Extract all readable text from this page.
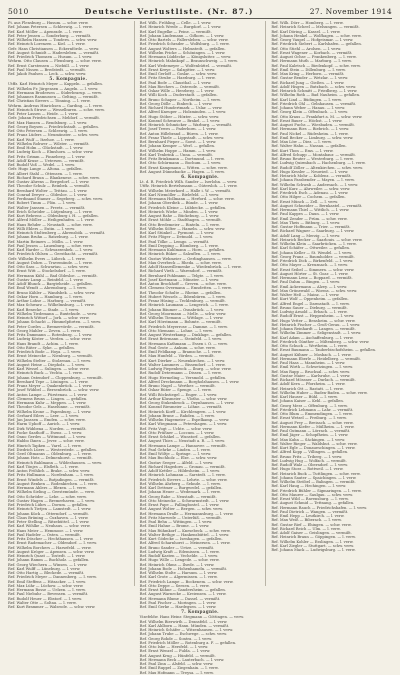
5010	Deutsche Verlustliste. (Nr. 87.)	27. November 1914
Pi. aus Flensburg — Husum. — schw. verw.
Ref. Johann Petersen — Schleswig. — l. verw.
Ref. Karl Möller — Apenrade. — l. verw.
Ref. Peter Jensen — Sonderburg. — vermißt.
Ref. Wilhelm Hansen — Tondern. — schw. verw.
Ref. Heinrich Lorenzen — Kiel. — l. verw.
Gefr. Hans Christiansen — Eckernförde. — verw.
Ref. August Schmidt — Hadersleben. — vermißt.
Ref. Friedrich Thomsen — Husum. — l. verw.
Wehrm. Otto Clausen — Flensburg. — schw. verw.
Ref. Ernst Carstensen — Niebüll. — l. verw.
Ref. Paul Nissen — Bredstedt. — vermißt.
Ref. Jakob Paulsen — Leck. — schw. verw.
5. Kompagnie.
Utffz. Karl Heinrich Meyer — Kappeln. — gefallen.
Ref. Wilhelm Fr. Jürgensen — Angeln. — l. verw.
Ref. Hermann Brodersen — Süderbrarup. — verw.
Ref. Johannes Rasmussen — Gelting. — vermißt.
Ref. Christian Sievers — Tönning. — l. verw.
Wehrm. Andreas Hinrichsen — Garding. — l. verw.
Ref. Heinrich Struve — Wesselburen. — schw. verw.
Ref. Peter Lassen — Heide. — l. verw.
Gefr. Johann Friedrichsen — Meldorf. — vermißt.
Ref. Max Hansen — Rendsburg. — l. verw.
Ref. Georg Boysen — Friedrichstadt. — gefallen.
Ref. Otto Petersen — Schleswig. — l. verw.
Ref. Franz Lüders — Neumünster. — schw. verw.
Ref. Karl Wulf — Itzehoe. — l. verw.
Ref. Wilhelm Rohwer — Wilster. — vermißt.
Ref. Emil Holm — Glückstadt. — l. verw.
Ref. Ludwig Koch — Elmshorn. — schw. verw.
Ref. Fritz Grimm — Pinneberg. — l. verw.
Ref. Adolf Kruse — Uetersen. — vermißt.
Ref. Rudolf Voß — Wedel. — l. verw.
Gefr. Hugo Lange — Altona. — gefallen.
Ref. Albert Stahl — Ottensen. — l. verw.
Ref. Richard Braun — Blankenese. — schw. verw.
Ref. Gustav Ahrens — Bergedorf. — l. verw.
Ref. Theodor Schulz — Reinbek. — vermißt.
Ref. Bernhard Wolter — Trittau. — l. verw.
Ref. Conrad Dreyer — Oldesloe. — l. verw.
Ref. Ferdinand Stamer — Segeberg. — schw. verw.
Ref. Robert Timm — Plön. — l. verw.
Ref. Walter Janssen — Preetz. — vermißt.
Ref. Erich Schröder — Lütjenburg. — l. verw.
Ref. Kurt Behrens — Oldenburg i. H. — gefallen.
Ref. Alfred Möller — Heiligenhafen. — l. verw.
Ref. Hans Rehder — Neustadt. — schw. verw.
Ref. Willi Ehlers — Eutin. — l. verw.
Ref. Heinrich Stoltenberg — Ahrensbök. — vermißt.
Ref. Johann Bruhn — Ratzeburg. — l. verw.
Ref. Martin Reimers — Mölln. — l. verw.
Ref. Paul Jessen — Lauenburg. — schw. verw.
Ref. Karl Harder — Schwarzenbek. — l. verw.
Ref. Friedrich Ohlsen — Geesthacht. — vermißt.
Gefr. Wilhelm Evers — Lübeck. — l. verw.
Ref. August Dohrn — Travemünde. — l. verw.
Ref. Otto Sass — Schwartau. — schw. verw.
Ref. Ernst Witt — Stockelsdorf. — l. verw.
Ref. Hermann Kühl — Bad Oldesloe. — vermißt.
Ref. Gustav Lamp — Reinfeld. — l. verw.
Ref. Adolf Blunck — Bargteheide. — gefallen.
Ref. Emil Wendt — Ahrensburg. — l. verw.
Ref. Bruno Kähler — Wandsbek. — schw. verw.
Ref. Oskar Horn — Hamburg. — l. verw.
Ref. Arthur Lohse — Harburg. — vermißt.
Ref. Max Schwarz — Wilhelmsburg. — l. verw.
Ref. Karl Benecke — Stade. — l. verw.
Ref. Wilhelm Tiedemann — Buxtehude. — verw.
Ref. Heinrich Wittorf — Jork. — schw. verw.
Ref. Johann Schacht — Himmelpforten. — l. verw.
Ref. Peter Cordes — Bremervörde. — vermißt.
Ref. Georg Mahler — Zeven. — l. verw.
Ref. Fritz Dammann — Rotenburg. — l. verw.
Ref. Ludwig Köster — Verden. — schw. verw.
Ref. Hans Brandt — Achim. — l. verw.
Ref. Otto Rüter — Syke. — gefallen.
Ref. Friedrich Bode — Hoya. — l. verw.
Ref. Ernst Meinecke — Nienburg. — vermißt.
Ref. Wilhelm Stelter — Stolzenau. — l. verw.
Ref. August Heine — Diepholz. — l. verw.
Ref. Karl Wessel — Sulingen. — schw. verw.
Ref. Heinrich Buck — Vechta. — l. verw.
Ref. Johann Ostendorf — Cloppenburg. — vermißt.
Ref. Bernhard Tepe — Löningen. — l. verw.
Ref. Franz Meyer — Quakenbrück. — l. verw.
Ref. Josef Wübbel — Bersenbrück. — schw. verw.
Ref. Anton Lampe — Fürstenau. — l. verw.
Ref. Clemens Bruns — Lingen. — gefallen.
Ref. Hermann Kuhr — Meppen. — l. verw.
Ref. Theodor Gels — Haselünne. — vermißt.
Ref. Wilhelm Krone — Papenburg. — l. verw.
Ref. Gerhard Eilers — Leer. — l. verw.
Ref. Jan Janssen — Emden. — schw. verw.
Ref. Harm Uphoff — Aurich. — l. verw.
Ref. Dirk Wübbena — Norden. — vermißt.
Ref. Focke Saathoff — Esens. — l. verw.
Ref. Onno Gerdes — Wittmund. — l. verw.
Ref. Habbo Ihnen — Jever. — schw. verw.
Ref. Hinrich Tapken — Varel. — l. verw.
Ref. Diedrich Lüers — Westerstede. — gefallen.
Ref. Gerd Oltmanns — Oldenburg. — l. verw.
Ref. Johann Hots — Delmenhorst. — vermißt.
Ref. Heinrich Bahlmann — Wildeshausen. — verw.
Ref. Karl Tönjes — Elsfleth. — l. verw.
Ref. Anton Fröhlich — Brake. — schw. verw.
Ref. Fritz Hullmann — Nordenham. — l. verw.
Ref. Ernst Windels — Butjadingen. — vermißt.
Ref. August Renken — Rodenkirchen. — l. verw.
Ref. Hermann Ahlers — Blexen. — l. verw.
Ref. Wilhelm Sieling — Geestemünde. — verw.
Ref. Otto Schröder — Lehe. — schw. verw.
Ref. Gustav Hagen — Bremerhaven. — l. verw.
Ref. Friedrich Lührs — Dorum. — gefallen.
Ref. Heinrich Tietjen — Lamstedt. — l. verw.
Ref. Johann Kück — Otterndorf. — vermißt.
Ref. Claus Brüning — Cuxhaven. — l. verw.
Ref. Peter Stelling — Ritzebüttel. — l. verw.
Ref. Karl Wöhlke — Neuhaus. — schw. verw.
Ref. Hans Meier — Hemmoor. — l. verw.
Ref. Paul Hadeler — Osten. — vermißt.
Ref. Fritz Döscher — Hechthausen. — l. verw.
Ref. Ernst Rademacher — Oldendorf. — l. verw.
Ref. Wilhelm Borchers — Harsefeld. — verw.
Ref. August Kröger — Apensen. — schw. verw.
Ref. Heinrich Quast — Tostedt. — l. verw.
Ref. Johann Ramm — Buchholz. — gefallen.
Ref. Georg Wiechern — Winsen. — l. verw.
Ref. Karl Wulff — Lüneburg. — l. verw.
Ref. Otto Hartig — Bleckede. — vermißt.
Ref. Friedrich Meyer — Dannenberg. — l. verw.
Ref. Emil Steffens — Hitzacker. — l. verw.
Ref. Max Lühr — Lüchow. — schw. verw.
Ref. Hermann Bosse — Uelzen. — l. verw.
Ref. Paul Niebuhr — Bevensen. — vermißt.
Ref. Rudolf Heuer — Ebstorf. — l. verw.
Ref. Walter Otte — Soltau. — l. verw.
Ref. Kurt Brammer — Walsrode. — schw. verw.
Ref. Wilh. Fröhling — Celle. — l. verw.
Ref. Heinrich Wrede — Burgdorf. — l. verw.
Ref. Karl Engelke — Peine. — vermißt.
Ref. Johann Lindemann — Gifhorn. — l. verw.
Ref. Otto Bartels — Fallersleben. — schw. verw.
Ref. Friedrich Schrader — Wolfsburg. — l. verw.
Ref. August Wolters — Helmstedt. — gefallen.
Ref. Wilhelm Fricke — Schöningen. — l. verw.
Ref. Hermann Lüddecke — Königslutter. — verw.
Ref. Heinrich Mahnkopf — Braunschweig. — l. verw.
Ref. Karl Wedemeyer — Wolfenbüttel. — vermißt.
Ref. Ernst Kreye — Salzgitter. — l. verw.
Ref. Emil Gerloff — Goslar. — schw. verw.
Ref. Fritz Strube — Harzburg. — l. verw.
Ref. Paul Bode — Clausthal. — l. verw.
Ref. Max Riechers — Osterode. — vermißt.
Ref. Oskar Wille — Herzberg. — l. verw.
Ref. Willi Koch — Duderstadt. — gefallen.
Ref. Bruno Schaper — Northeim. — l. verw.
Ref. Georg Dölle — Einbeck. — l. verw.
Ref. Richard Hundertmark — Uslar. — verw.
Ref. Alfred Kneuper — Holzminden. — l. verw.
Ref. Hugo Stöber — Höxter. — schw. verw.
Ref. Konrad Schwarze — Brakel. — l. verw.
Ref. Heinrich Schmücker — Warburg. — vermißt.
Ref. Josef Tewes — Paderborn. — l. verw.
Ref. Anton Hillebrand — Büren. — l. verw.
Ref. Franz Thiele — Lippstadt. — schw. verw.
Ref. Bernhard Pieper — Soest. — l. verw.
Ref. Johann Kemper — Werl. — gefallen.
Ref. Wilhelm Hoppe — Hamm. — l. verw.
Ref. Karl Tenbrink — Unna. — vermißt.
Ref. Fritz Brinkmann — Dortmund. — l. verw.
Ref. Otto Schürmann — Bochum. — l. verw.
Ref. Ernst Kampmann — Witten. — schw. verw.
Ref. August Dünnebacke — Hagen. — l. verw.
6. Kompagnie.
Lt. d. R. Friedrich Wilh. Sander — Iserlohn. — verw.
Utffz. Heinrich Bertelsmann — Gütersloh. — l. verw.
Ref. Wilhelm Meierkord — Halle i. W. — vermißt.
Ref. Karl Niemöller — Bielefeld. — l. verw.
Ref. Hermann Hollmann — Herford. — schw. verw.
Ref. Johann Oberdiek — Bünde. — l. verw.
Ref. Friedrich Kleine — Lübbecke. — gefallen.
Ref. Heinrich Wiehe — Minden. — l. verw.
Ref. August Rahe — Bückeburg. — l. verw.
Ref. Ernst Möhle — Stadthagen. — vermißt.
Ref. Otto Bredemeier — Rinteln. — l. verw.
Ref. Wilhelm Sölter — Hameln. — schw. verw.
Ref. Karl Stünkel — Pyrmont. — l. verw.
Ref. Fritz Plöger — Detmold. — l. verw.
Ref. Paul Tölke — Lemgo. — vermißt.
Ref. Emil Depping — Blomberg. — l. verw.
Ref. Hermann Kuhlmann — Horn. — gefallen.
Ref. Heinrich Büker — Salzuflen. — l. verw.
Ref. Gustav Wehmeier — Oerlinghausen. — verw.
Ref. Max Overbeck — Rheda. — schw. verw.
Ref. Adolf Hanswillemenke — Wiedenbrück. — l. verw.
Ref. Richard Vieth — Warendorf. — vermißt.
Ref. Bernhard Pohlmann — Telgte. — l. verw.
Ref. Josef Kortmann — Münster. — l. verw.
Ref. Anton Brockhoff — Greven. — schw. verw.
Ref. Clemens Overmann — Emsdetten. — l. verw.
Ref. Theodor Schulte — Rheine. — gefallen.
Ref. Hubert Wessels — Ibbenbüren. — l. verw.
Ref. Franz Hüsing — Tecklenburg. — vermißt.
Ref. Heinrich Laumann — Lengerich. — l. verw.
Ref. Johann Bäumer — Osnabrück. — l. verw.
Ref. Georg Moormann — Melle. — schw. verw.
Ref. Wilhelm Tiemann — Wittlage. — l. verw.
Ref. Karl Hörstmann — Bohmte. — vermißt.
Ref. Friedrich Meyerrose — Damme. — l. verw.
Ref. Otto Niemann — Lohne. — l. verw.
Ref. August Westerkamp — Dinklage. — gefallen.
Ref. Ernst Brörmann — Steinfeld. — l. verw.
Ref. Hermann Kathmann — Essen i. O. — verw.
Ref. Paul Grote — Ankum. — schw. verw.
Ref. Emil Feldkamp — Bramsche. — l. verw.
Ref. Max Hunfeld — Vörden. — vermißt.
Ref. Kurt Dierker — Neuenkirchen. — l. verw.
Ref. Walter Lammers — Bissendorf. — l. verw.
Ref. Ludwig Piepenbrock — Iburg. — schw. verw.
Ref. Rudolf Determann — Dissen. — l. verw.
Ref. Hugo Hermeling — Versmold. — gefallen.
Ref. Alfred Dreckmann — Borgholzhausen. — l. verw.
Ref. Bruno Nagel — Werther. — vermißt.
Ref. Oskar Rüter — Spenge. — l. verw.
Ref. Willi Böckstiegel — Enger. — l. verw.
Ref. Arthur Klusmeier — Vlotho. — schw. verw.
Ref. Georg Stukenbrock — Oeynhausen. — l. verw.
Ref. Konrad Riesmeier — Löhne. — vermißt.
Ref. Heinrich Korff — Kirchlengern. — l. verw.
Ref. Johann Brune — Rahden. — l. verw.
Ref. Wilhelm Hagemeier — Espelkamp. — verw.
Ref. Karl Wiegmann — Petershagen. — l. verw.
Ref. Fritz Vogt — Uchte. — schw. verw.
Ref. Otto Prüßner — Loccum. — l. verw.
Ref. Ernst Schäkel — Wunstorf. — gefallen.
Ref. August Thies — Neustadt a. R. — l. verw.
Ref. Hermann Lampe — Hannover. — vermißt.
Ref. Paul Gehrke — Linden. — l. verw.
Ref. Emil Wöltje — Springe. — l. verw.
Ref. Max Buchholz — Elze. — schw. verw.
Ref. Gustav Seeger — Alfeld. — l. verw.
Ref. Richard Hagedorn — Gronau. — vermißt.
Ref. Adolf Kettler — Hildesheim. — l. verw.
Ref. Heinrich Lohmann — Sarstedt. — l. verw.
Ref. Friedrich Sievers — Lehrte. — schw. verw.
Ref. Wilhelm Ahrberg — Sehnde. — l. verw.
Ref. Karl Dettmer — Burgwedel. — gefallen.
Ref. Johann Heuer — Wedemark. — l. verw.
Ref. Georg Rabe — Neustadt. — vermißt.
Ref. Otto Meinecke — Schwarmstedt. — l. verw.
Ref. Ernst Pape — Fallingbostel. — l. verw.
Ref. August Wolter — Bergen. — schw. verw.
Ref. Hermann Dralle — Hermannsburg. — l. verw.
Ref. Fritz Marwede — Unterlüß. — vermißt.
Ref. Paul Behn — Wittingen. — l. verw.
Ref. Emil Hahne — Brome. — l. verw.
Ref. Max Rühmkorf — Knesebeck. — schw. verw.
Ref. Walter Bethge — Hankensbüttel. — l. verw.
Ref. Kurt Gödecke — Isenhagen. — gefallen.
Ref. Alfred Scharnhorst — Meinersen. — l. verw.
Ref. Bruno Sander — Uetze. — vermißt.
Ref. Ludwig Kraft — Edemissen. — l. verw.
Ref. Rudolf Kasten — Vechelde. — l. verw.
Ref. Hugo Wille — Lengede. — schw. verw.
Ref. Heinrich Ohms — Ilsede. — l. verw.
Ref. Johann Bode — Hohenhameln. — vermißt.
Ref. Wilhelm Stolte — Harsum. — l. verw.
Ref. Karl Grote — Algermissen. — l. verw.
Ref. Friedrich Lampe — Bockenem. — schw. verw.
Ref. Otto Deppe — Seesen. — l. verw.
Ref. Ernst Kühne — Gandersheim. — gefallen.
Ref. August Warnecke — Kreiensen. — l. verw.
Ref. Hermann Blume — Dassel. — vermißt.
Ref. Paul Fischer — Moringen. — l. verw.
Ref. Emil Gerke — Hardegsen. — l. verw.
7. Kompagnie.
Vizefeldw. Hans Heinr. Stegmann — Göttingen. — verw.
Ref. Wilhelm Bierwirth — Dransfeld. — l. verw.
Ref. Karl Ahlborn — Hann. Münden. — vermißt.
Ref. Heinrich Schäfer — Witzenhausen. — l. verw.
Ref. Johann Trube — Eschwege. — schw. verw.
Ref. Georg Rohde — Sontra. — l. verw.
Ref. Friedrich Möller — Rotenburg a. F. — gefallen.
Ref. Otto Iske — Hersfeld. — l. verw.
Ref. Ernst Wenzel — Fulda. — l. verw.
Ref. August Krug — Hünfeld. — vermißt.
Ref. Hermann Beck — Lauterbach. — l. verw.
Ref. Paul Zinn — Alsfeld. — schw. verw.
Ref. Emil Ruppel — Ziegenhain. — l. verw.
Ref. Max Hofmann — Treysa. — l. verw.
Ref. Wilh. Dörr — Homberg. — l. verw.
Ref. Heinrich Scheel — Melsungen. — vermißt.
Ref. Karl Döring — Kassel. — l. verw.
Ref. Johann Henkel — Wolfhagen. — schw. verw.
Ref. Georg Vaupel — Hofgeismar. — l. verw.
Ref. Friedrich Siebert — Karlshafen. — gefallen.
Ref. Otto Stiehl — Arolsen. — l. verw.
Ref. Ernst Wagener — Korbach. — vermißt.
Ref. August Ochse — Frankenberg. — l. verw.
Ref. Hermann Muth — Marburg. — l. verw.
Ref. Paul Kaletsch — Biedenkopf. — schw. verw.
Ref. Emil Stein — Dillenburg. — l. verw.
Ref. Max Kring — Herborn. — vermißt.
Ref. Gustav Bender — Wetzlar. — l. verw.
Ref. Richard Jung — Gießen. — l. verw.
Ref. Adolf Hisgen — Butzbach. — schw. verw.
Ref. Heinrich Schmitt — Friedberg. — l. verw.
Ref. Wilhelm Roth — Bad Nauheim. — gefallen.
Ref. Karl Lind — Büdingen. — l. verw.
Ref. Friedrich Ohl — Gelnhausen. — vermißt.
Ref. Johann Weber — Hanau. — l. verw.
Ref. Georg Klein — Offenbach. — l. verw.
Ref. Otto Kraus — Frankfurt a. M. — schw. verw.
Ref. Ernst Bauer — Höchst. — l. verw.
Ref. August Fuchs — Wiesbaden. — vermißt.
Ref. Hermann Ries — Biebrich. — l. verw.
Ref. Paul Nickel — Rüdesheim. — l. verw.
Ref. Emil Becker — Limburg. — schw. verw.
Ref. Max Löw — Diez. — l. verw.
Ref. Walter Hahn — Nassau. — gefallen.
Ref. Kurt Thon — Ems. — l. verw.
Ref. Alfred Schupp — Montabaur. — vermißt.
Ref. Bruno Reuter — Westerburg. — l. verw.
Ref. Ludwig Quirmbach — Hachenburg. — l. verw.
Ref. Rudolf Zöller — Altenkirchen. — schw. verw.
Ref. Hugo Kessler — Neuwied. — l. verw.
Ref. Heinrich Mohr — Koblenz. — vermißt.
Ref. Johann Fassbender — Mayen. — l. verw.
Ref. Wilhelm Schwab — Andernach. — l. verw.
Ref. Karl Kurz — Ahrweiler. — schw. verw.
Ref. Friedrich Esch — Adenau. — l. verw.
Ref. Otto Hilger — Cochem. — gefallen.
Ref. Ernst Münch — Zell. — l. verw.
Ref. August Schneider — Bernkastel. — vermißt.
Ref. Hermann Thiel — Wittlich. — l. verw.
Ref. Paul Kappes — Daun. — l. verw.
Ref. Emil Zender — Prüm. — schw. verw.
Ref. Max Theis — Bitburg. — l. verw.
Ref. Gustav Hoffmann — Trier. — vermißt.
Ref. Richard Wagner — Saarburg. — l. verw.
Ref. Adolf Lang — Merzig. — l. verw.
Ref. Heinrich Becker — Saarlouis. — schw. verw.
Ref. Wilhelm Klein — Saarbrücken. — l. verw.
Ref. Karl Schäfer — Ottweiler. — gefallen.
Ref. Johann Keller — St. Wendel. — l. verw.
Ref. Georg Franz — Baumholder. — vermißt.
Ref. Friedrich Dick — Birkenfeld. — l. verw.
Ref. Otto Mayer — Kreuznach. — l. verw.
Ref. Ernst Seibel — Simmern. — schw. verw.
Ref. August Hörter — St. Goar. — l. verw.
Ref. Hermann Lenz — Boppard. — vermißt.
Ref. Paul Dahm — Bingen. — l. verw.
Ref. Emil Ackermann — Alzey. — l. verw.
Ref. Max Grünewald — Worms. — schw. verw.
Ref. Walter Heß — Mainz. — l. verw.
Ref. Kurt Wolf — Oppenheim. — gefallen.
Ref. Alfred Engel — Darmstadt. — l. verw.
Ref. Bruno Sauer — Dieburg. — vermißt.
Ref. Ludwig Arnold — Erbach. — l. verw.
Ref. Rudolf Ernst — Heppenheim. — l. verw.
Ref. Hugo Vetter — Bensheim. — schw. verw.
Ref. Heinrich Fischer — Groß-Gerau. — l. verw.
Ref. Johann Reinhardt — Langen. — vermißt.
Ref. Wilhelm Zimmer — Seligenstadt. — l. verw.
Ref. Karl Adam — Aschaffenburg. — l. verw.
Ref. Friedrich Günther — Miltenberg. — schw. verw.
Ref. Otto Schuck — Wertheim. — l. verw.
Ref. Ernst Baumann — Tauberbischofsheim. — gefallen.
Ref. August Kühner — Mosbach. — l. verw.
Ref. Hermann Eberle — Heidelberg. — vermißt.
Ref. Paul Haas — Mannheim. — l. verw.
Ref. Emil Wirth — Schwetzingen. — l. verw.
Ref. Max Rapp — Bruchsal. — schw. verw.
Ref. Gustav Maier — Karlsruhe. — l. verw.
Ref. Richard Mössner — Durlach. — vermißt.
Ref. Adolf Kern — Pforzheim. — l. verw.
Ref. Heinrich Ott — Rastatt. — l. verw.
Ref. Wilhelm Huber — Baden-Baden. — schw. verw.
Ref. Karl Hauser — Bühl. — l. verw.
Ref. Johann Kaiser — Kehl. — gefallen.
Ref. Georg Merz — Offenburg. — l. verw.
Ref. Friedrich Lehmann — Lahr. — vermißt.
Ref. Otto Blum — Emmendingen. — l. verw.
Ref. Ernst Wetzel — Freiburg. — l. verw.
Ref. August Frey — Breisach. — schw. verw.
Ref. Hermann Kiefer — Müllheim. — l. verw.
Ref. Paul Gutmann — Lörrach. — vermißt.
Ref. Emil Jäger — Schopfheim. — l. verw.
Ref. Max Kuhn — Säckingen. — l. verw.
Ref. Walter Rieger — Waldshut. — schw. verw.
Ref. Kurt Egle — Donaueschingen. — l. verw.
Ref. Alfred Kopp — Villingen. — gefallen.
Ref. Bruno Fritz — Triberg. — l. verw.
Ref. Ludwig Hug — Wolfach. — vermißt.
Ref. Rudolf Walz — Oberndorf. — l. verw.
Ref. Hugo Storz — Rottweil. — l. verw.
Ref. Heinrich Buck — Tuttlingen. — schw. verw.
Ref. Johann Sauter — Spaichingen. — l. verw.
Ref. Wilhelm Ströbel — Balingen. — vermißt.
Ref. Karl Haug — Hechingen. — l. verw.
Ref. Friedrich Bühler — Sigmaringen. — l. verw.
Ref. Otto Maurer — Saulgau. — schw. verw.
Ref. Ernst Wild — Ravensburg. — l. verw.
Ref. August Schmid — Tettnang. — gefallen.
Ref. Hermann Rauch — Friedrichshafen. — l. verw.
Ref. Paul Dietrich — Wangen. — vermißt.
Ref. Emil Hepp — Leutkirch. — l. verw.
Ref. Max Weiß — Biberach. — l. verw.
Ref. Gustav Rief — Ehingen. — schw. verw.
Ref. Richard Reich — Ulm. — l. verw.
Ref. Adolf Gaiser — Geislingen. — vermißt.
Ref. Heinrich Braun — Göppingen. — l. verw.
Ref. Wilhelm Kohler — Esslingen. — l. verw.
Ref. Karl Ziegler — Stuttgart. — schw. verw.
Ref. Johann Mack — Ludwigsburg. — l. verw.
